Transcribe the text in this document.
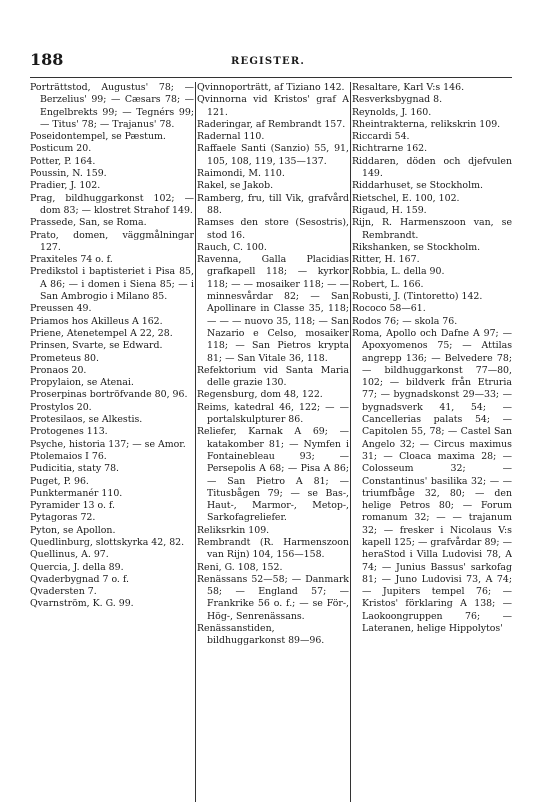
188	REGISTER.

Porträttstod, Augustus' 78; — Berzelius' 99; — Cæsars 78; — Engelbrekts 99; — Tegnérs 99; — Titus' 78; — Trajanus' 78.

Poseidontempel, se Pæstum.

Posticum 20.

Potter, P. 164.

Poussin, N. 159.

Pradier, J. 102.

Prag, bildhuggarkonst 102; — dom 83; — klostret Strahof 149.

Prassede, San, se Roma.

Prato, domen, väggmålningar 127.

Praxiteles 74 o. f.

Predikstol i baptisteriet i Pisa 85, A 86; — i domen i Siena 85; — i San Ambrogio i Milano 85.

Preussen 49.

Priamos hos Akilleus A 162.

Priene, Atenetempel A 22, 28.

Prinsen, Svarte, se Edward.

Prometeus 80.

Pronaos 20.

Propylaion, se Atenai.

Proserpinas bortröfvande 80, 96.

Prostylos 20.

Protesilaos, se Alkestis.

Protogenes 113.

Psyche, historia 137; — se Amor.

Ptolemaios I 76.

Pudicitia, staty 78.

Puget, P. 96.

Punktermanér 110.

Pyramider 13 o. f.

Pytagoras 72.

Pyton, se Apollon.

Quedlinburg, slottskyrka 42, 82.

Quellinus, A. 97.

Quercia, J. della 89.

Qvaderbygnad 7 o. f.

Qvadersten 7.

Qvarnström, K. G. 99.

Qvinnoporträtt, af Tiziano 142.

Qvinnorna vid Kristos' graf A 121.

Raderingar, af Rembrandt 157.

Radernal 110.

Raffaele Santi (Sanzio) 55, 91, 105, 108, 119, 135—137.

Raimondi, M. 110.

Rakel, se Jakob.

Ramberg, fru, till Vik, grafvård 88.

Ramses den store (Sesostris), stod 16.

Rauch, C. 100.

Ravenna, Galla Placidias grafkapell 118; — kyrkor 118; — — mosaiker 118; — — minnesvårdar 82; — San Apollinare in Classe 35, 118; — — — nuovo 35, 118; — San Nazario e Celso, mosaiker 118; — San Pietros krypta 81; — San Vitale 36, 118.

Refektorium vid Santa Maria delle grazie 130.

Regensburg, dom 48, 122.

Reims, katedral 46, 122; — — portalskulpturer 86.

Reliefer, Karnak A 69; — katakomber 81; — Nymfen i Fontainebleau 93; — Persepolis A 68; — Pisa A 86; — San Pietro A 81; — Titusbågen 79; — se Bas-, Haut-, Marmor-, Metop-, Sarkofagreliefer.

Reliksrkin 109.

Rembrandt (R. Harmenszoon van Rijn) 104, 156—158.

Reni, G. 108, 152.

Renässans 52—58; — Danmark 58; — England 57; — Frankrike 56 o. f.; — se För-, Hög-, Senrenässans.

Renässanstiden, bildhuggarkonst 89—96.

Resaltare, Karl V:s 146.

Resverksbygnad 8.

Reynolds, J. 160.

Rheintrakterna, relikskrin 109.

Riccardi 54.

Richtrarne 162.

Riddaren, döden och djefvulen 149.

Riddarhuset, se Stockholm.

Rietschel, E. 100, 102.

Rigaud, H. 159.

Rijn, R. Harmenszoon van, se Rembrandt.

Rikshanken, se Stockholm.

Ritter, H. 167.

Robbia, L. della 90.

Robert, L. 166.

Robusti, J. (Tintoretto) 142.

Rococo 58—61.

Rodos 76; — skola 76.

Roma, Apollo och Dafne A 97; — Apoxyomenos 75; — Attilas angrepp 136; — Belvedere 78; — bildhuggarkonst 77—80, 102; — bildverk från Etruria 77; — bygnadskonst 29—33; — bygnadsverk 41, 54; — Cancellerias palats 54; — Capitolen 55, 78; — Castel San Angelo 32; — Circus maximus 31; — Cloaca maxima 28; — Colosseum 32; — Constantinus' basilika 32; — — triumfbåge 32, 80; — den helige Petros 80; — Forum romanum 32; — — trajanum 32; — fresker i Nicolaus V:s kapell 125; — grafvårdar 89; — heraStod i Villa Ludovisi 78, A 74; — Junius Bassus' sarkofag 81; — Juno Ludovisi 73, A 74; — Jupiters tempel 76; — Kristos' förklaring A 138; — Laokoongruppen 76; — Lateranen, helige Hippolytos'
